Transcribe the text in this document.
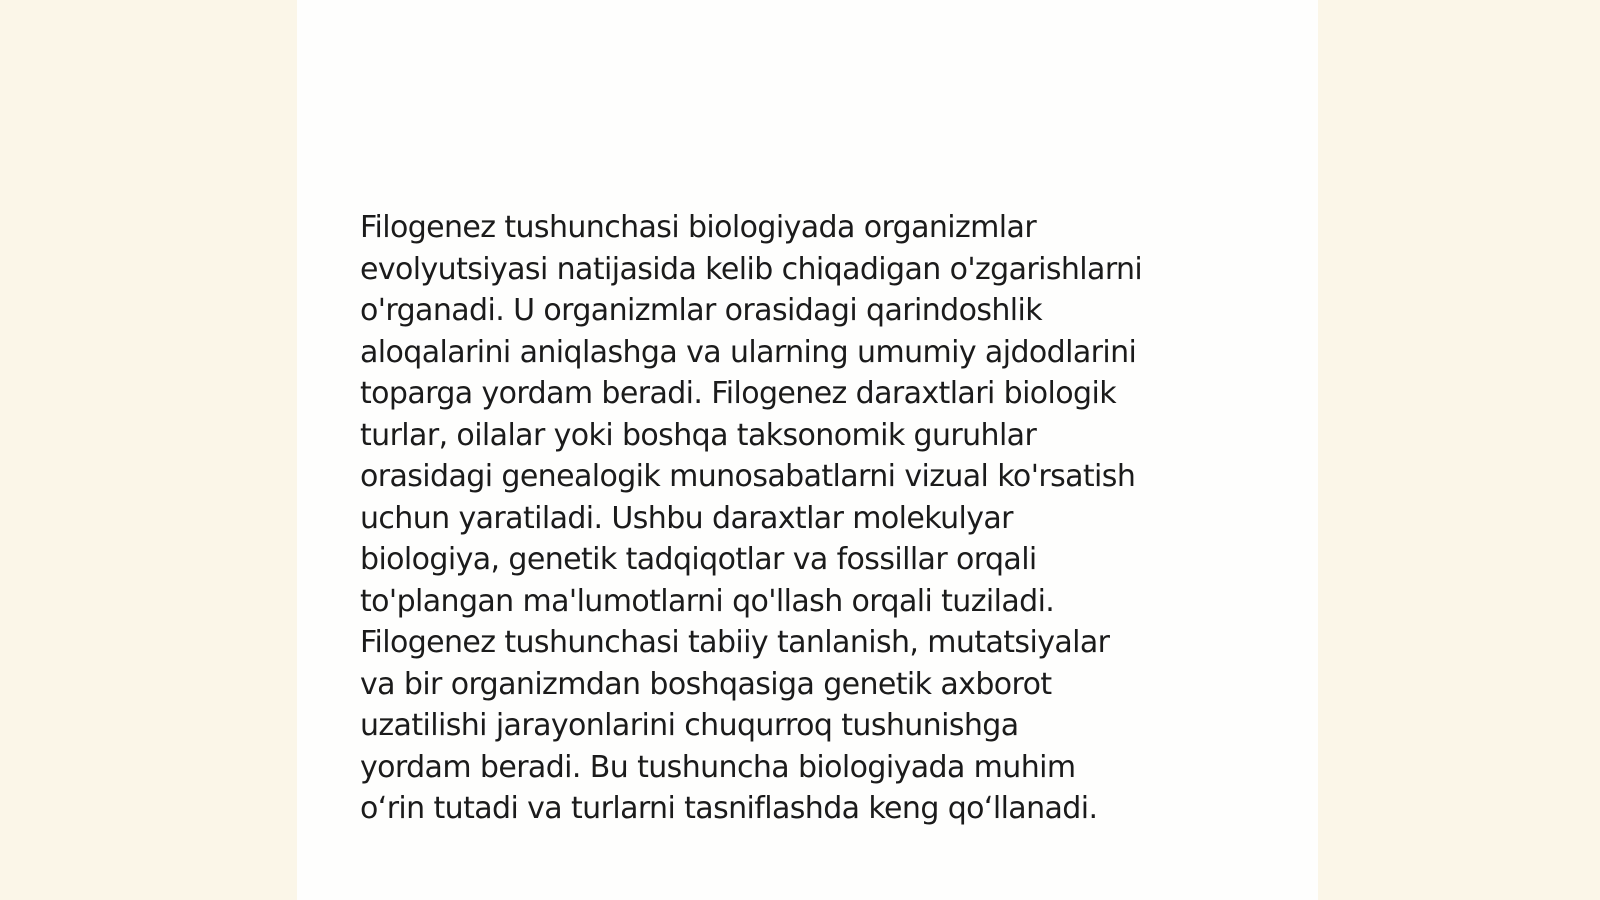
Filogenez tushunchasi biologiyada organizmlar
evolyutsiyasi natijasida kelib chiqadigan o'zgarishlarni
o'rganadi. U organizmlar orasidagi qarindoshlik
aloqalarini aniqlashga va ularning umumiy ajdodlarini
toparga yordam beradi. Filogenez daraxtlari biologik
turlar, oilalar yoki boshqa taksonomik guruhlar
orasidagi genealogik munosabatlarni vizual ko'rsatish
uchun yaratiladi. Ushbu daraxtlar molekulyar
biologiya, genetik tadqiqotlar va fossillar orqali
to'plangan ma'lumotlarni qo'llash orqali tuziladi.
Filogenez tushunchasi tabiiy tanlanish, mutatsiyalar
va bir organizmdan boshqasiga genetik axborot
uzatilishi jarayonlarini chuqurroq tushunishga
yordam beradi. Bu tushuncha biologiyada muhim
o‘rin tutadi va turlarni tasniflashda keng qo‘llanadi.
